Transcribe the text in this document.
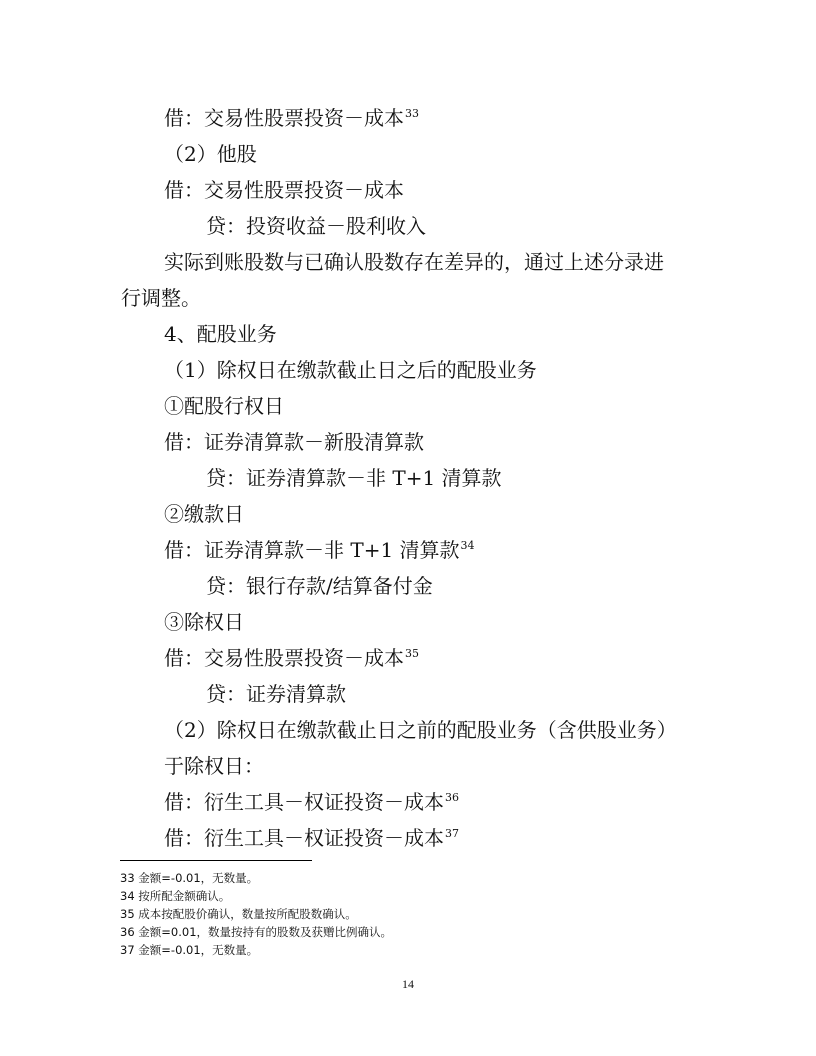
借：交易性股票投资－成本$^{33}$
（2）他股
借：交易性股票投资－成本
贷：投资收益－股利收入
实际到账股数与已确认股数存在差异的，通过上述分录进
行调整。
4、配股业务
（1）除权日在缴款截止日之后的配股业务
①配股行权日
借：证券清算款－新股清算款
贷：证券清算款－非 T+1 清算款
②缴款日
借：证券清算款－非 T+1 清算款$^{34}$
贷：银行存款/结算备付金
③除权日
借：交易性股票投资－成本$^{35}$
贷：证券清算款
（2）除权日在缴款截止日之前的配股业务（含供股业务）
于除权日：
借：衍生工具－权证投资－成本$^{36}$
借：衍生工具－权证投资－成本$^{37}$
33 金额=-0.01，无数量。
34 按所配金额确认。
35 成本按配股价确认，数量按所配股数确认。
36 金额=0.01，数量按持有的股数及获赠比例确认。
37 金额=-0.01，无数量。
14
